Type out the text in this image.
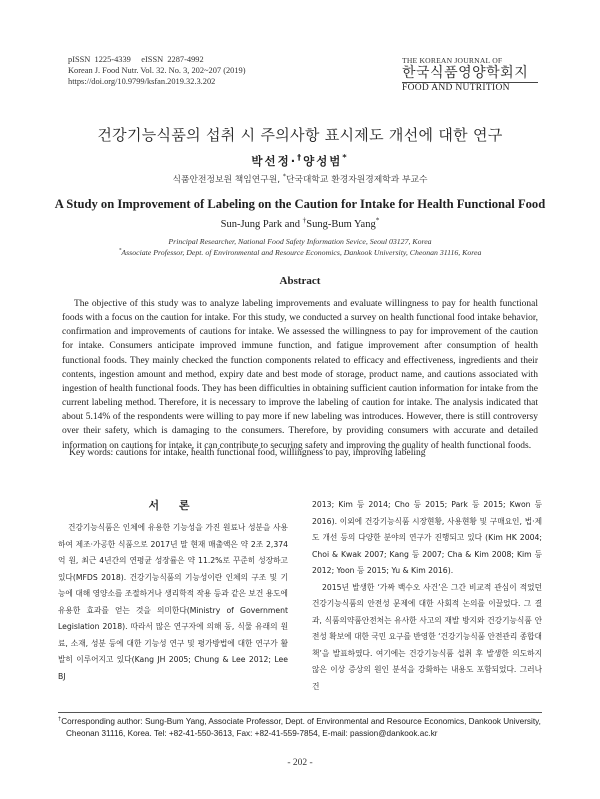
pISSN  1225-4339     eISSN  2287-4992
Korean J. Food Nutr. Vol. 32. No. 3, 202~207 (2019)
https://doi.org/10.9799/ksfan.2019.32.3.202
THE KOREAN JOURNAL OF
한국식품영양학회지
FOOD AND NUTRITION
건강기능식품의 섭취 시 주의사항 표시제도 개선에 대한 연구
박선정·†양성범*
식품안전정보원 책임연구원, *단국대학교 환경자원경제학과 부교수
A Study on Improvement of Labeling on the Caution for Intake for Health Functional Food
Sun-Jung Park and †Sung-Bum Yang*
Principal Researcher, National Food Safety Information Sevice, Seoul 03127, Korea
*Associate Professor, Dept. of Environmental and Resource Economics, Dankook University, Cheonan 31116, Korea
Abstract

The objective of this study was to analyze labeling improvements and evaluate willingness to pay for health functional foods with a focus on the caution for intake. For this study, we conducted a survey on health functional food intake behavior, confirmation and improvements of cautions for intake. We assessed the willingness to pay for improvement of the caution for intake. Consumers anticipate improved immune function, and fatigue improvement after consumption of health functional foods. They mainly checked the function components related to efficacy and effectiveness, ingredients and their contents, ingestion amount and method, expiry date and best mode of storage, product name, and cautions associated with ingestion of health functional foods. They has been difficulties in obtaining sufficient caution information for intake from the current labeling method. Therefore, it is necessary to improve the labeling of caution for intake. The analysis indicated that about 5.14% of the respondents were willing to pay more if new labeling was introduces. However, there is still controversy over their safety, which is damaging to the consumers. Therefore, by providing consumers with accurate and detailed information on cautions for intake, it can contribute to securing safety and improving the quality of health functional foods.

Key words: cautions for intake, health functional food, willingness to pay, improving labeling
서 론

건강기능식품은 인체에 유용한 기능성을 가진 원료나 성분을 사용하여 제조·가공한 식품으로 2017년 말 현재 매출액은 약 2조 2,374억 원, 최근 4년간의 연평균 성장률은 약 11.2%로 꾸준히 성장하고 있다(MFDS 2018). 건강기능식품의 기능성이란 인체의 구조 및 기능에 대해 영양소를 조절하거나 생리학적 작용 등과 같은 보건 용도에 유용한 효과를 얻는 것을 의미한다(Ministry of Government Legislation 2018). 따라서 많은 연구자에 의해 동, 식물 유래의 원료, 소재, 성분 등에 대한 기능성 연구 및 평가방법에 대한 연구가 활발히 이루어지고 있다(Kang JH 2005; Chung & Lee 2012; Lee BJ

2013; Kim 등 2014; Cho 등 2015; Park 등 2015; Kwon 등 2016). 이외에 건강기능식품 시장현황, 사용현황 및 구매요인, 법·제도 개선 등의 다양한 분야의 연구가 진행되고 있다 (Kim HK 2004; Choi & Kwak 2007; Kang 등 2007; Cha & Kim 2008; Kim 등 2012; Yoon 등 2015; Yu & Kim 2016).

2015년 발생한 ‘가짜 백수오 사건’은 그간 비교적 관심이 적었던 건강기능식품의 안전성 문제에 대한 사회적 논의를 이끌었다. 그 결과, 식품의약품안전처는 유사한 사고의 재발 방지와 건강기능식품 안전성 확보에 대한 국민 요구를 반영한 ‘건강기능식품 안전관리 종합대책’을 발표하였다. 여기에는 건강기능식품 섭취 후 발생한 의도하지 않은 이상 증상의 원인 분석을 강화하는 내용도 포함되었다. 그러나 건

†Corresponding author: Sung-Bum Yang, Associate Professor, Dept. of Environmental and Resource Economics, Dankook University,
Cheonan 31116, Korea. Tel: +82-41-550-3613, Fax: +82-41-559-7854, E-mail: passion@dankook.ac.kr
- 202 -
